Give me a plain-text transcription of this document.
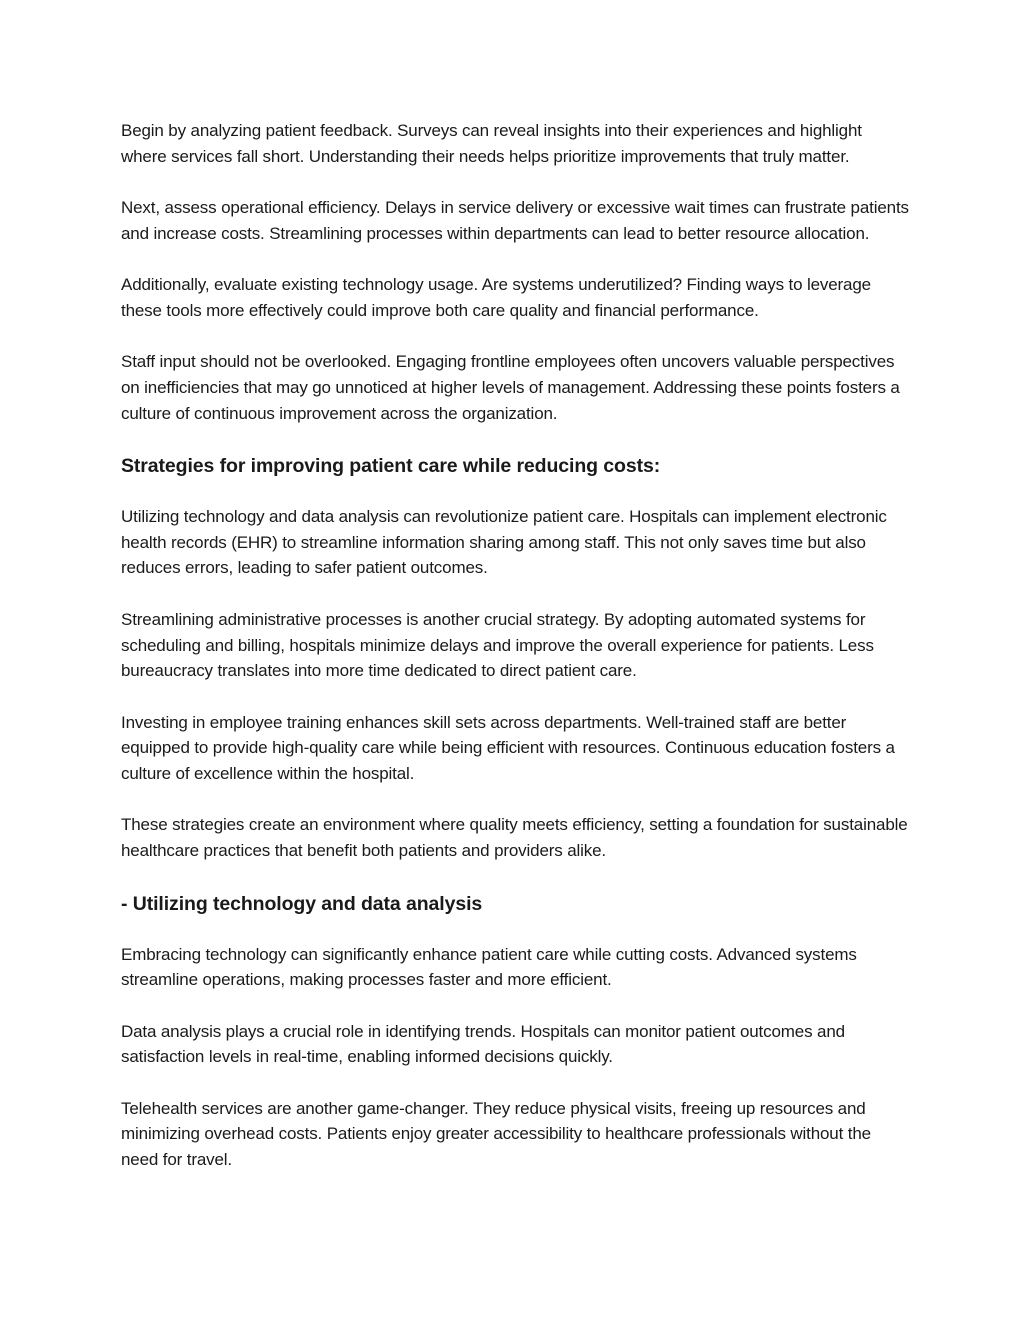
Begin by analyzing patient feedback. Surveys can reveal insights into their experiences and highlight where services fall short. Understanding their needs helps prioritize improvements that truly matter.

Next, assess operational efficiency. Delays in service delivery or excessive wait times can frustrate patients and increase costs. Streamlining processes within departments can lead to better resource allocation.

Additionally, evaluate existing technology usage. Are systems underutilized? Finding ways to leverage these tools more effectively could improve both care quality and financial performance.

Staff input should not be overlooked. Engaging frontline employees often uncovers valuable perspectives on inefficiencies that may go unnoticed at higher levels of management. Addressing these points fosters a culture of continuous improvement across the organization.

Strategies for improving patient care while reducing costs:

Utilizing technology and data analysis can revolutionize patient care. Hospitals can implement electronic health records (EHR) to streamline information sharing among staff. This not only saves time but also reduces errors, leading to safer patient outcomes.

Streamlining administrative processes is another crucial strategy. By adopting automated systems for scheduling and billing, hospitals minimize delays and improve the overall experience for patients. Less bureaucracy translates into more time dedicated to direct patient care.

Investing in employee training enhances skill sets across departments. Well-trained staff are better equipped to provide high-quality care while being efficient with resources. Continuous education fosters a culture of excellence within the hospital.

These strategies create an environment where quality meets efficiency, setting a foundation for sustainable healthcare practices that benefit both patients and providers alike.

- Utilizing technology and data analysis

Embracing technology can significantly enhance patient care while cutting costs. Advanced systems streamline operations, making processes faster and more efficient.

Data analysis plays a crucial role in identifying trends. Hospitals can monitor patient outcomes and satisfaction levels in real-time, enabling informed decisions quickly.

Telehealth services are another game-changer. They reduce physical visits, freeing up resources and minimizing overhead costs. Patients enjoy greater accessibility to healthcare professionals without the need for travel.
